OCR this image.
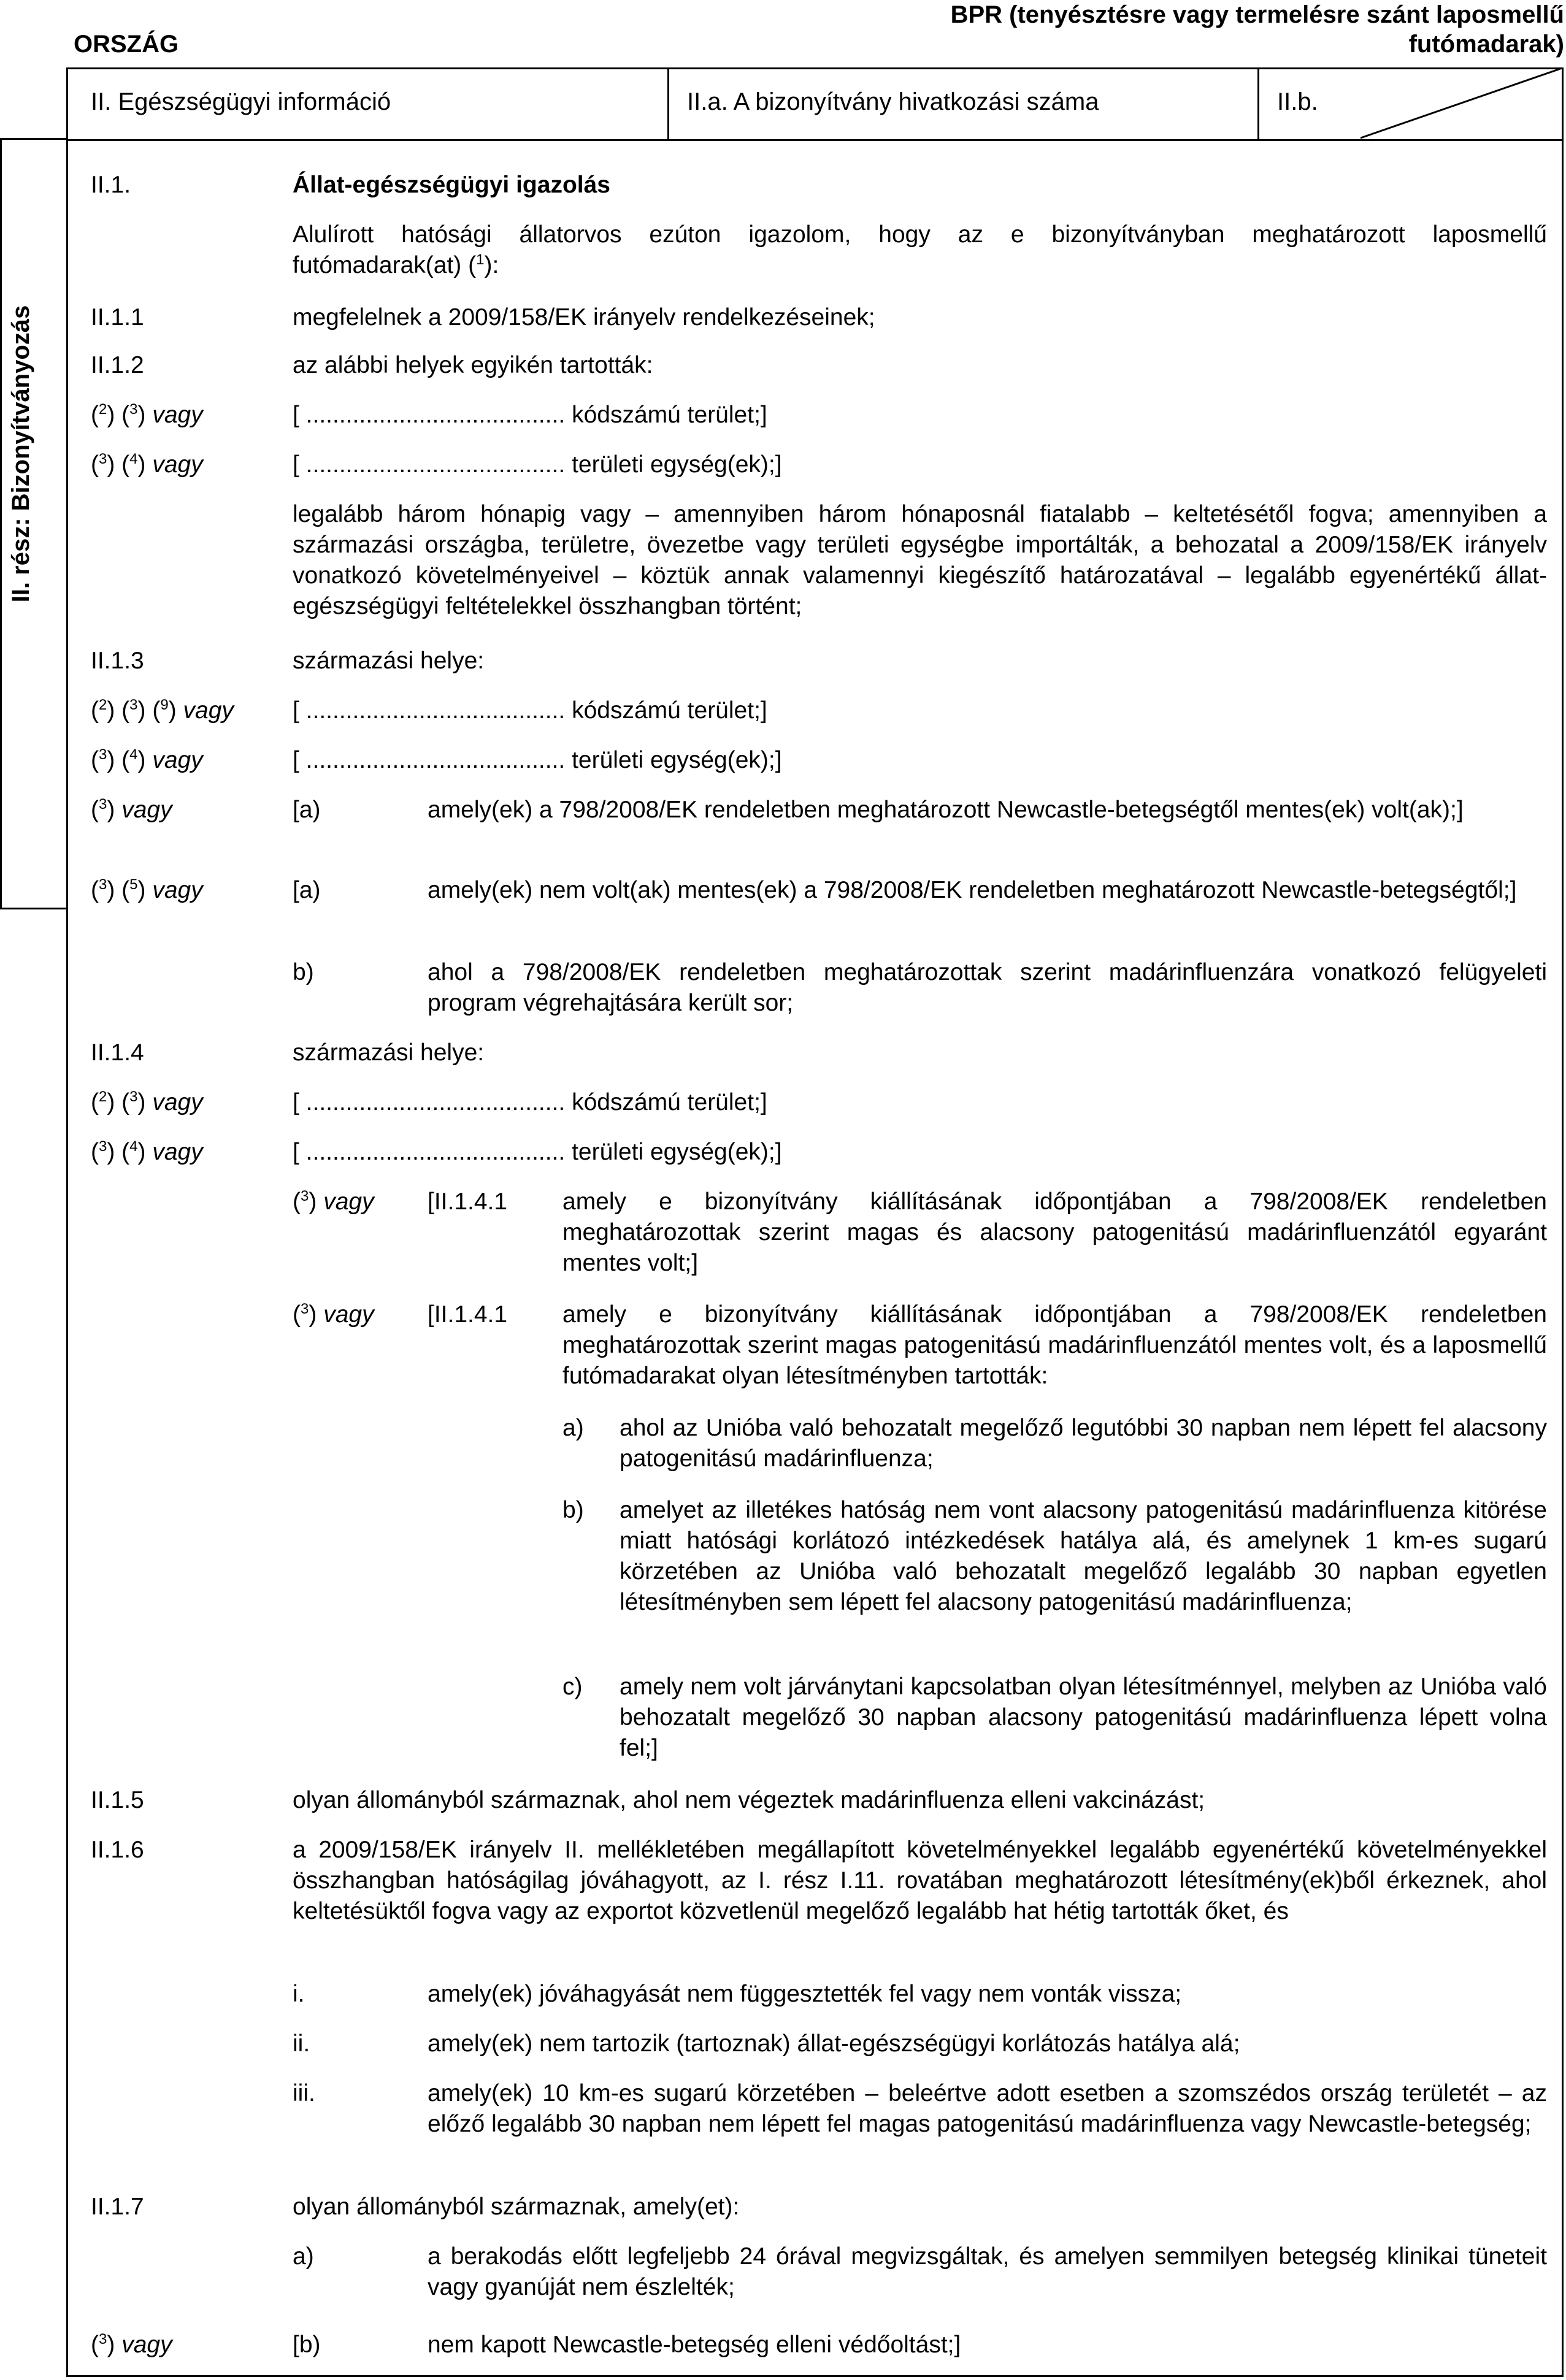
ORSZÁG
BPR (tenyésztésre vagy termelésre szánt laposmellű
futómadarak)
II. Egészségügyi információ	II.a. A bizonyítvány hivatkozási száma	II.b.
II. rész: Bizonyítványozás
II.1.	Állat-egészségügyi igazolás
Alulírott hatósági állatorvos ezúton igazolom, hogy az e bizonyítványban meghatározott laposmellű
futómadarak(at) ($^1$):
II.1.1	megfelelnek a 2009/158/EK irányelv rendelkezéseinek;
II.1.2	az alábbi helyek egyikén tartották:
($^2$) ($^3$) vagy	[ ....................................... kódszámú terület;]
($^3$) ($^4$) vagy	[ ....................................... területi egység(ek);]
legalább három hónapig vagy – amennyiben három hónaposnál fiatalabb – keltetésétől fogva; amennyiben a származási országba, területre, övezetbe vagy területi egységbe importálták, a behozatal a 2009/158/EK irányelv vonatkozó követelményeivel – köztük annak valamennyi kiegészítő határozatával – legalább egyenértékű állat-egészségügyi feltételekkel összhangban történt;
II.1.3	származási helye:
($^2$) ($^3$) ($^9$) vagy [ ....................................... kódszámú terület;]
($^3$) ($^4$) vagy	[ ....................................... területi egység(ek);]
($^3$) vagy	[a)	amely(ek) a 798/2008/EK rendeletben meghatározott Newcastle-betegségtől mentes(ek) volt(ak);]
($^3$) ($^5$) vagy	[a)	amely(ek) nem volt(ak) mentes(ek) a 798/2008/EK rendeletben meghatározott Newcastle-betegségtől;]
b)	ahol a 798/2008/EK rendeletben meghatározottak szerint madárinfluenzára vonatkozó felügyeleti program végrehajtására került sor;
II.1.4	származási helye:
($^2$) ($^3$) vagy	[ ....................................... kódszámú terület;]
($^3$) ($^4$) vagy	[ ....................................... területi egység(ek);]
($^3$) vagy [II.1.4.1 amely e bizonyítvány kiállításának időpontjában a 798/2008/EK rendeletben meghatározottak szerint magas és alacsony patogenitású madárinfluenzától egyaránt mentes volt;]
($^3$) vagy [II.1.4.1 amely e bizonyítvány kiállításának időpontjában a 798/2008/EK rendeletben meghatározottak szerint magas patogenitású madárinfluenzától mentes volt, és a laposmellű futómadarakat olyan létesítményben tartották:
a) ahol az Unióba való behozatalt megelőző legutóbbi 30 napban nem lépett fel alacsony patogenitású madárinfluenza;
b) amelyet az illetékes hatóság nem vont alacsony patogenitású madárinfluenza kitörése miatt hatósági korlátozó intézkedések hatálya alá, és amelynek 1 km-es sugarú körzetében az Unióba való behozatalt megelőző legalább 30 napban egyetlen létesítményben sem lépett fel alacsony patogenitású madárinfluenza;
c) amely nem volt járványtani kapcsolatban olyan létesítménnyel, melyben az Unióba való behozatalt megelőző 30 napban alacsony patogenitású madárinfluenza lépett volna fel;]
II.1.5	olyan állományból származnak, ahol nem végeztek madárinfluenza elleni vakcinázást;
II.1.6	a 2009/158/EK irányelv II. mellékletében megállapított követelményekkel legalább egyenértékű követelményekkel összhangban hatóságilag jóváhagyott, az I. rész I.11. rovatában meghatározott létesítmény(ek)ből érkeznek, ahol keltetésüktől fogva vagy az exportot közvetlenül megelőző legalább hat hétig tartották őket, és
i.	amely(ek) jóváhagyását nem függesztették fel vagy nem vonták vissza;
ii.	amely(ek) nem tartozik (tartoznak) állat-egészségügyi korlátozás hatálya alá;
iii.	amely(ek) 10 km-es sugarú körzetében – beleértve adott esetben a szomszédos ország területét – az előző legalább 30 napban nem lépett fel magas patogenitású madárinfluenza vagy Newcastle-betegség;
II.1.7	olyan állományból származnak, amely(et):
a)	a berakodás előtt legfeljebb 24 órával megvizsgáltak, és amelyen semmilyen betegség klinikai tüneteit vagy gyanúját nem észlelték;
($^3$) vagy	[b)	nem kapott Newcastle-betegség elleni védőoltást;]
